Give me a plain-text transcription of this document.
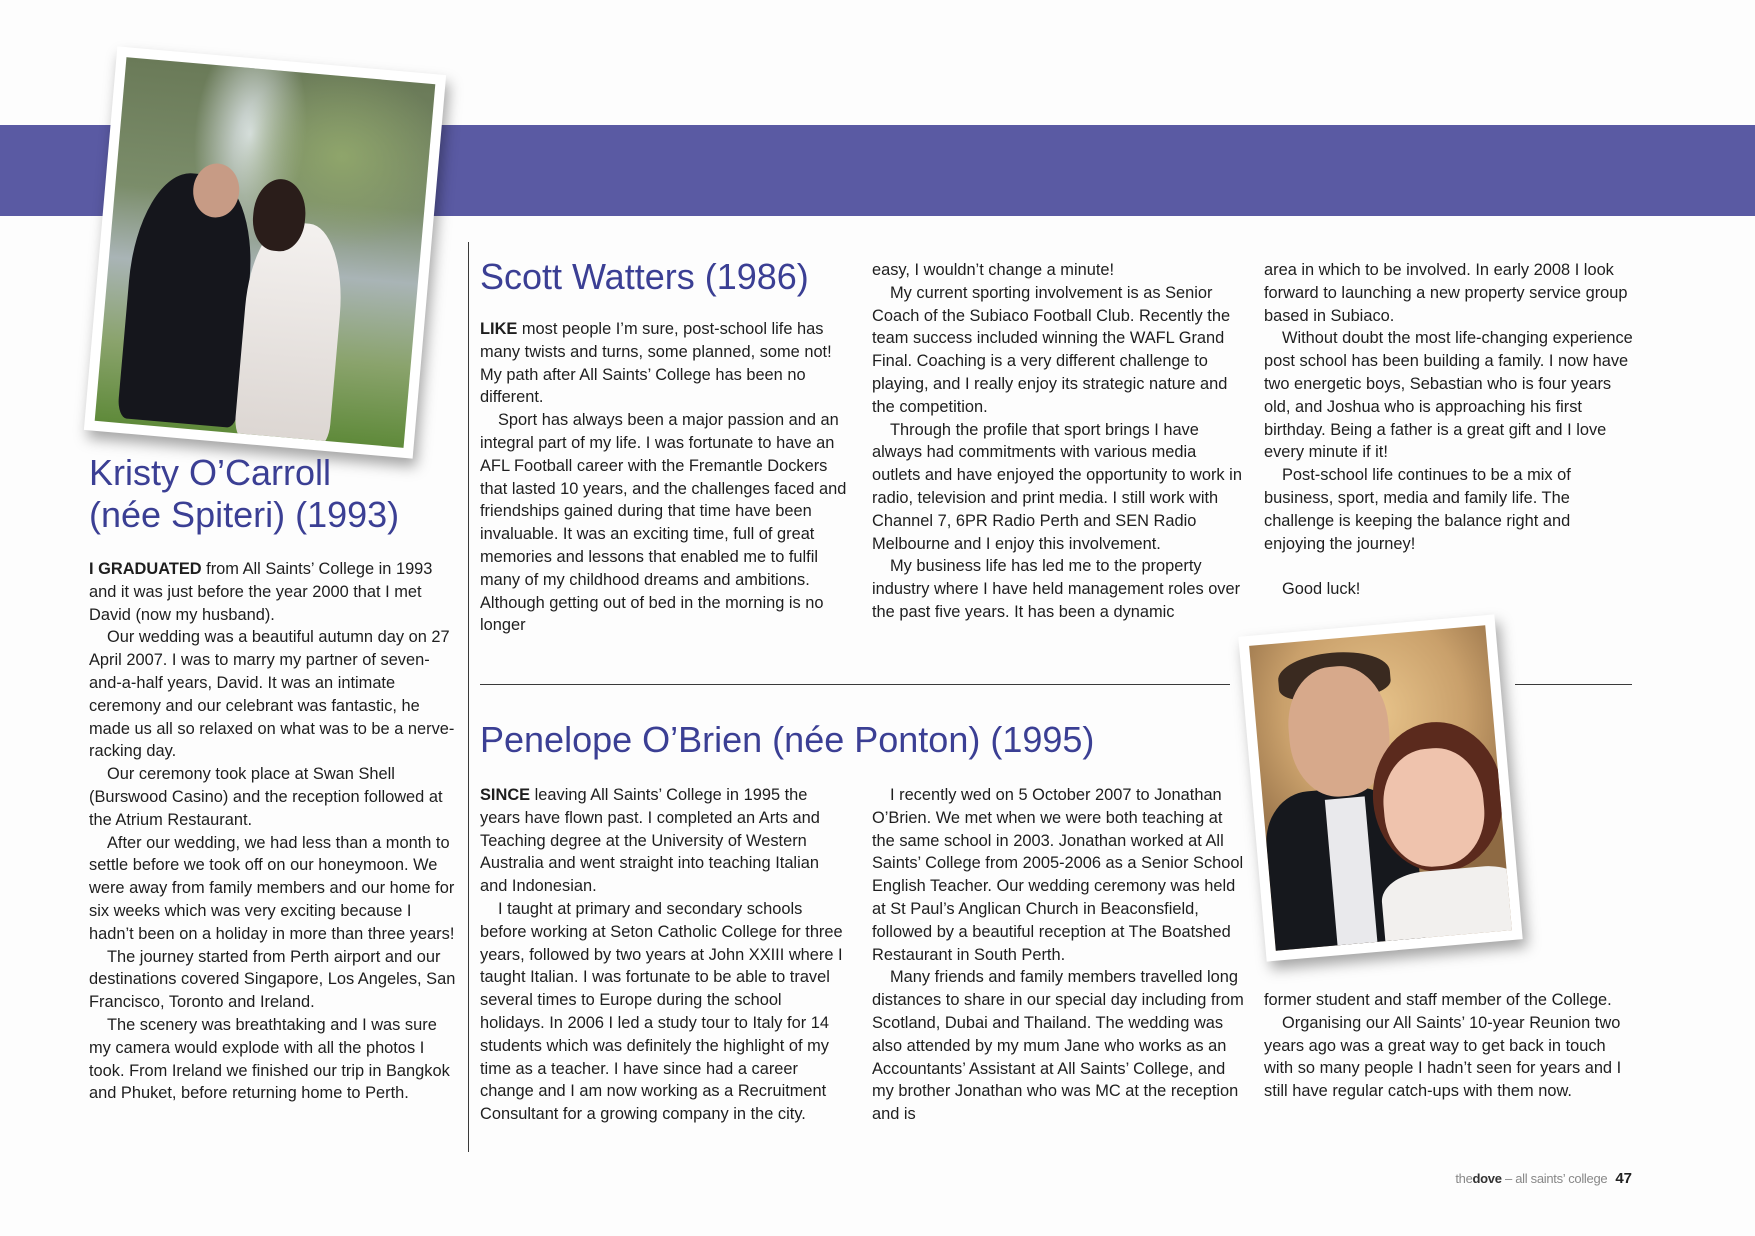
Kristy O’Carroll
(née Spiteri) (1993)

I GRADUATED from All Saints’ College in 1993 and it was just before the year 2000 that I met David (now my husband).

Our wedding was a beautiful autumn day on 27 April 2007. I was to marry my partner of seven-and-a-half years, David. It was an intimate ceremony and our celebrant was fantastic, he made us all so relaxed on what was to be a nerve-racking day.

Our ceremony took place at Swan Shell (Burswood Casino) and the reception followed at the Atrium Restaurant.

After our wedding, we had less than a month to settle before we took off on our honeymoon. We were away from family members and our home for six weeks which was very exciting because I hadn’t been on a holiday in more than three years!

The journey started from Perth airport and our destinations covered Singapore, Los Angeles, San Francisco, Toronto and Ireland.

The scenery was breathtaking and I was sure my camera would explode with all the photos I took. From Ireland we finished our trip in Bangkok and Phuket, before returning home to Perth.

Scott Watters (1986)

LIKE most people I’m sure, post-school life has many twists and turns, some planned, some not! My path after All Saints’ College has been no different.

Sport has always been a major passion and an integral part of my life. I was fortunate to have an AFL Football career with the Fremantle Dockers that lasted 10 years, and the challenges faced and friendships gained during that time have been invaluable. It was an exciting time, full of great memories and lessons that enabled me to fulfil many of my childhood dreams and ambitions. Although getting out of bed in the morning is no longer

easy, I wouldn’t change a minute!

My current sporting involvement is as Senior Coach of the Subiaco Football Club. Recently the team success included winning the WAFL Grand Final. Coaching is a very different challenge to playing, and I really enjoy its strategic nature and the competition.

Through the profile that sport brings I have always had commitments with various media outlets and have enjoyed the opportunity to work in radio, television and print media. I still work with Channel 7, 6PR Radio Perth and SEN Radio Melbourne and I enjoy this involvement.

My business life has led me to the property industry where I have held management roles over the past five years. It has been a dynamic

area in which to be involved. In early 2008 I look forward to launching a new property service group based in Subiaco.

Without doubt the most life-changing experience post school has been building a family. I now have two energetic boys, Sebastian who is four years old, and Joshua who is approaching his first birthday. Being a father is a great gift and I love every minute if it!

Post-school life continues to be a mix of business, sport, media and family life. The challenge is keeping the balance right and enjoying the journey!

Good luck!

Penelope O’Brien (née Ponton) (1995)

SINCE leaving All Saints’ College in 1995 the years have flown past. I completed an Arts and Teaching degree at the University of Western Australia and went straight into teaching Italian and Indonesian.

I taught at primary and secondary schools before working at Seton Catholic College for three years, followed by two years at John XXIII where I taught Italian. I was fortunate to be able to travel several times to Europe during the school holidays. In 2006 I led a study tour to Italy for 14 students which was definitely the highlight of my time as a teacher. I have since had a career change and I am now working as a Recruitment Consultant for a growing company in the city.

I recently wed on 5 October 2007 to Jonathan O’Brien. We met when we were both teaching at the same school in 2003. Jonathan worked at All Saints’ College from 2005-2006 as a Senior School English Teacher. Our wedding ceremony was held at St Paul’s Anglican Church in Beaconsfield, followed by a beautiful reception at The Boatshed Restaurant in South Perth.

Many friends and family members travelled long distances to share in our special day including from Scotland, Dubai and Thailand. The wedding was also attended by my mum Jane who works as an Accountants’ Assistant at All Saints’ College, and my brother Jonathan who was MC at the reception and is

former student and staff member of the College.

Organising our All Saints’ 10-year Reunion two years ago was a great way to get back in touch with so many people I hadn’t seen for years and I still have regular catch-ups with them now.

thedove – all saints’ college 47
